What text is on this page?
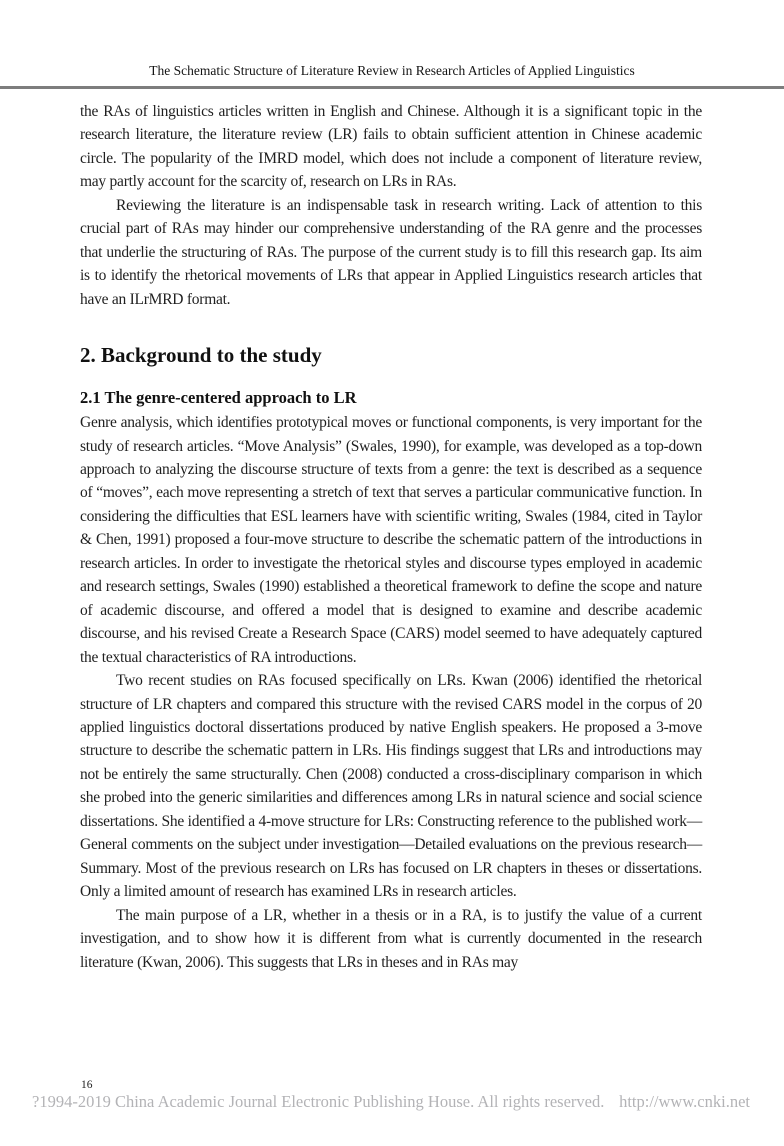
The Schematic Structure of Literature Review in Research Articles of Applied Linguistics

the RAs of linguistics articles written in English and Chinese. Although it is a significant topic in the research literature, the literature review (LR) fails to obtain sufficient attention in Chinese academic circle. The popularity of the IMRD model, which does not include a component of literature review, may partly account for the scarcity of, research on LRs in RAs.

Reviewing the literature is an indispensable task in research writing. Lack of attention to this crucial part of RAs may hinder our comprehensive understanding of the RA genre and the processes that underlie the structuring of RAs. The purpose of the current study is to fill this research gap. Its aim is to identify the rhetorical movements of LRs that appear in Applied Linguistics research articles that have an ILrMRD format.

2. Background to the study
2.1 The genre-centered approach to LR

Genre analysis, which identifies prototypical moves or functional components, is very important for the study of research articles. “Move Analysis” (Swales, 1990), for example, was developed as a top-down approach to analyzing the discourse structure of texts from a genre: the text is described as a sequence of “moves”, each move representing a stretch of text that serves a particular communicative function. In considering the difficulties that ESL learners have with scientific writing, Swales (1984, cited in Taylor & Chen, 1991) proposed a four-move structure to describe the schematic pattern of the introductions in research articles. In order to investigate the rhetorical styles and discourse types employed in academic and research settings, Swales (1990) established a theoretical framework to define the scope and nature of academic discourse, and offered a model that is designed to examine and describe academic discourse, and his revised Create a Research Space (CARS) model seemed to have adequately captured the textual characteristics of RA introductions.

Two recent studies on RAs focused specifically on LRs. Kwan (2006) identified the rhetorical structure of LR chapters and compared this structure with the revised CARS model in the corpus of 20 applied linguistics doctoral dissertations produced by native English speakers. He proposed a 3-move structure to describe the schematic pattern in LRs. His findings suggest that LRs and introductions may not be entirely the same structurally. Chen (2008) conducted a cross-disciplinary comparison in which she probed into the generic similarities and differences among LRs in natural science and social science dissertations. She identified a 4-move structure for LRs: Constructing reference to the published work—General comments on the subject under investigation—Detailed evaluations on the previous research—Summary. Most of the previous research on LRs has focused on LR chapters in theses or dissertations. Only a limited amount of research has examined LRs in research articles.

The main purpose of a LR, whether in a thesis or in a RA, is to justify the value of a current investigation, and to show how it is different from what is currently documented in the research literature (Kwan, 2006). This suggests that LRs in theses and in RAs may

16
?1994-2019 China Academic Journal Electronic Publishing House. All rights reserved. http://www.cnki.net
